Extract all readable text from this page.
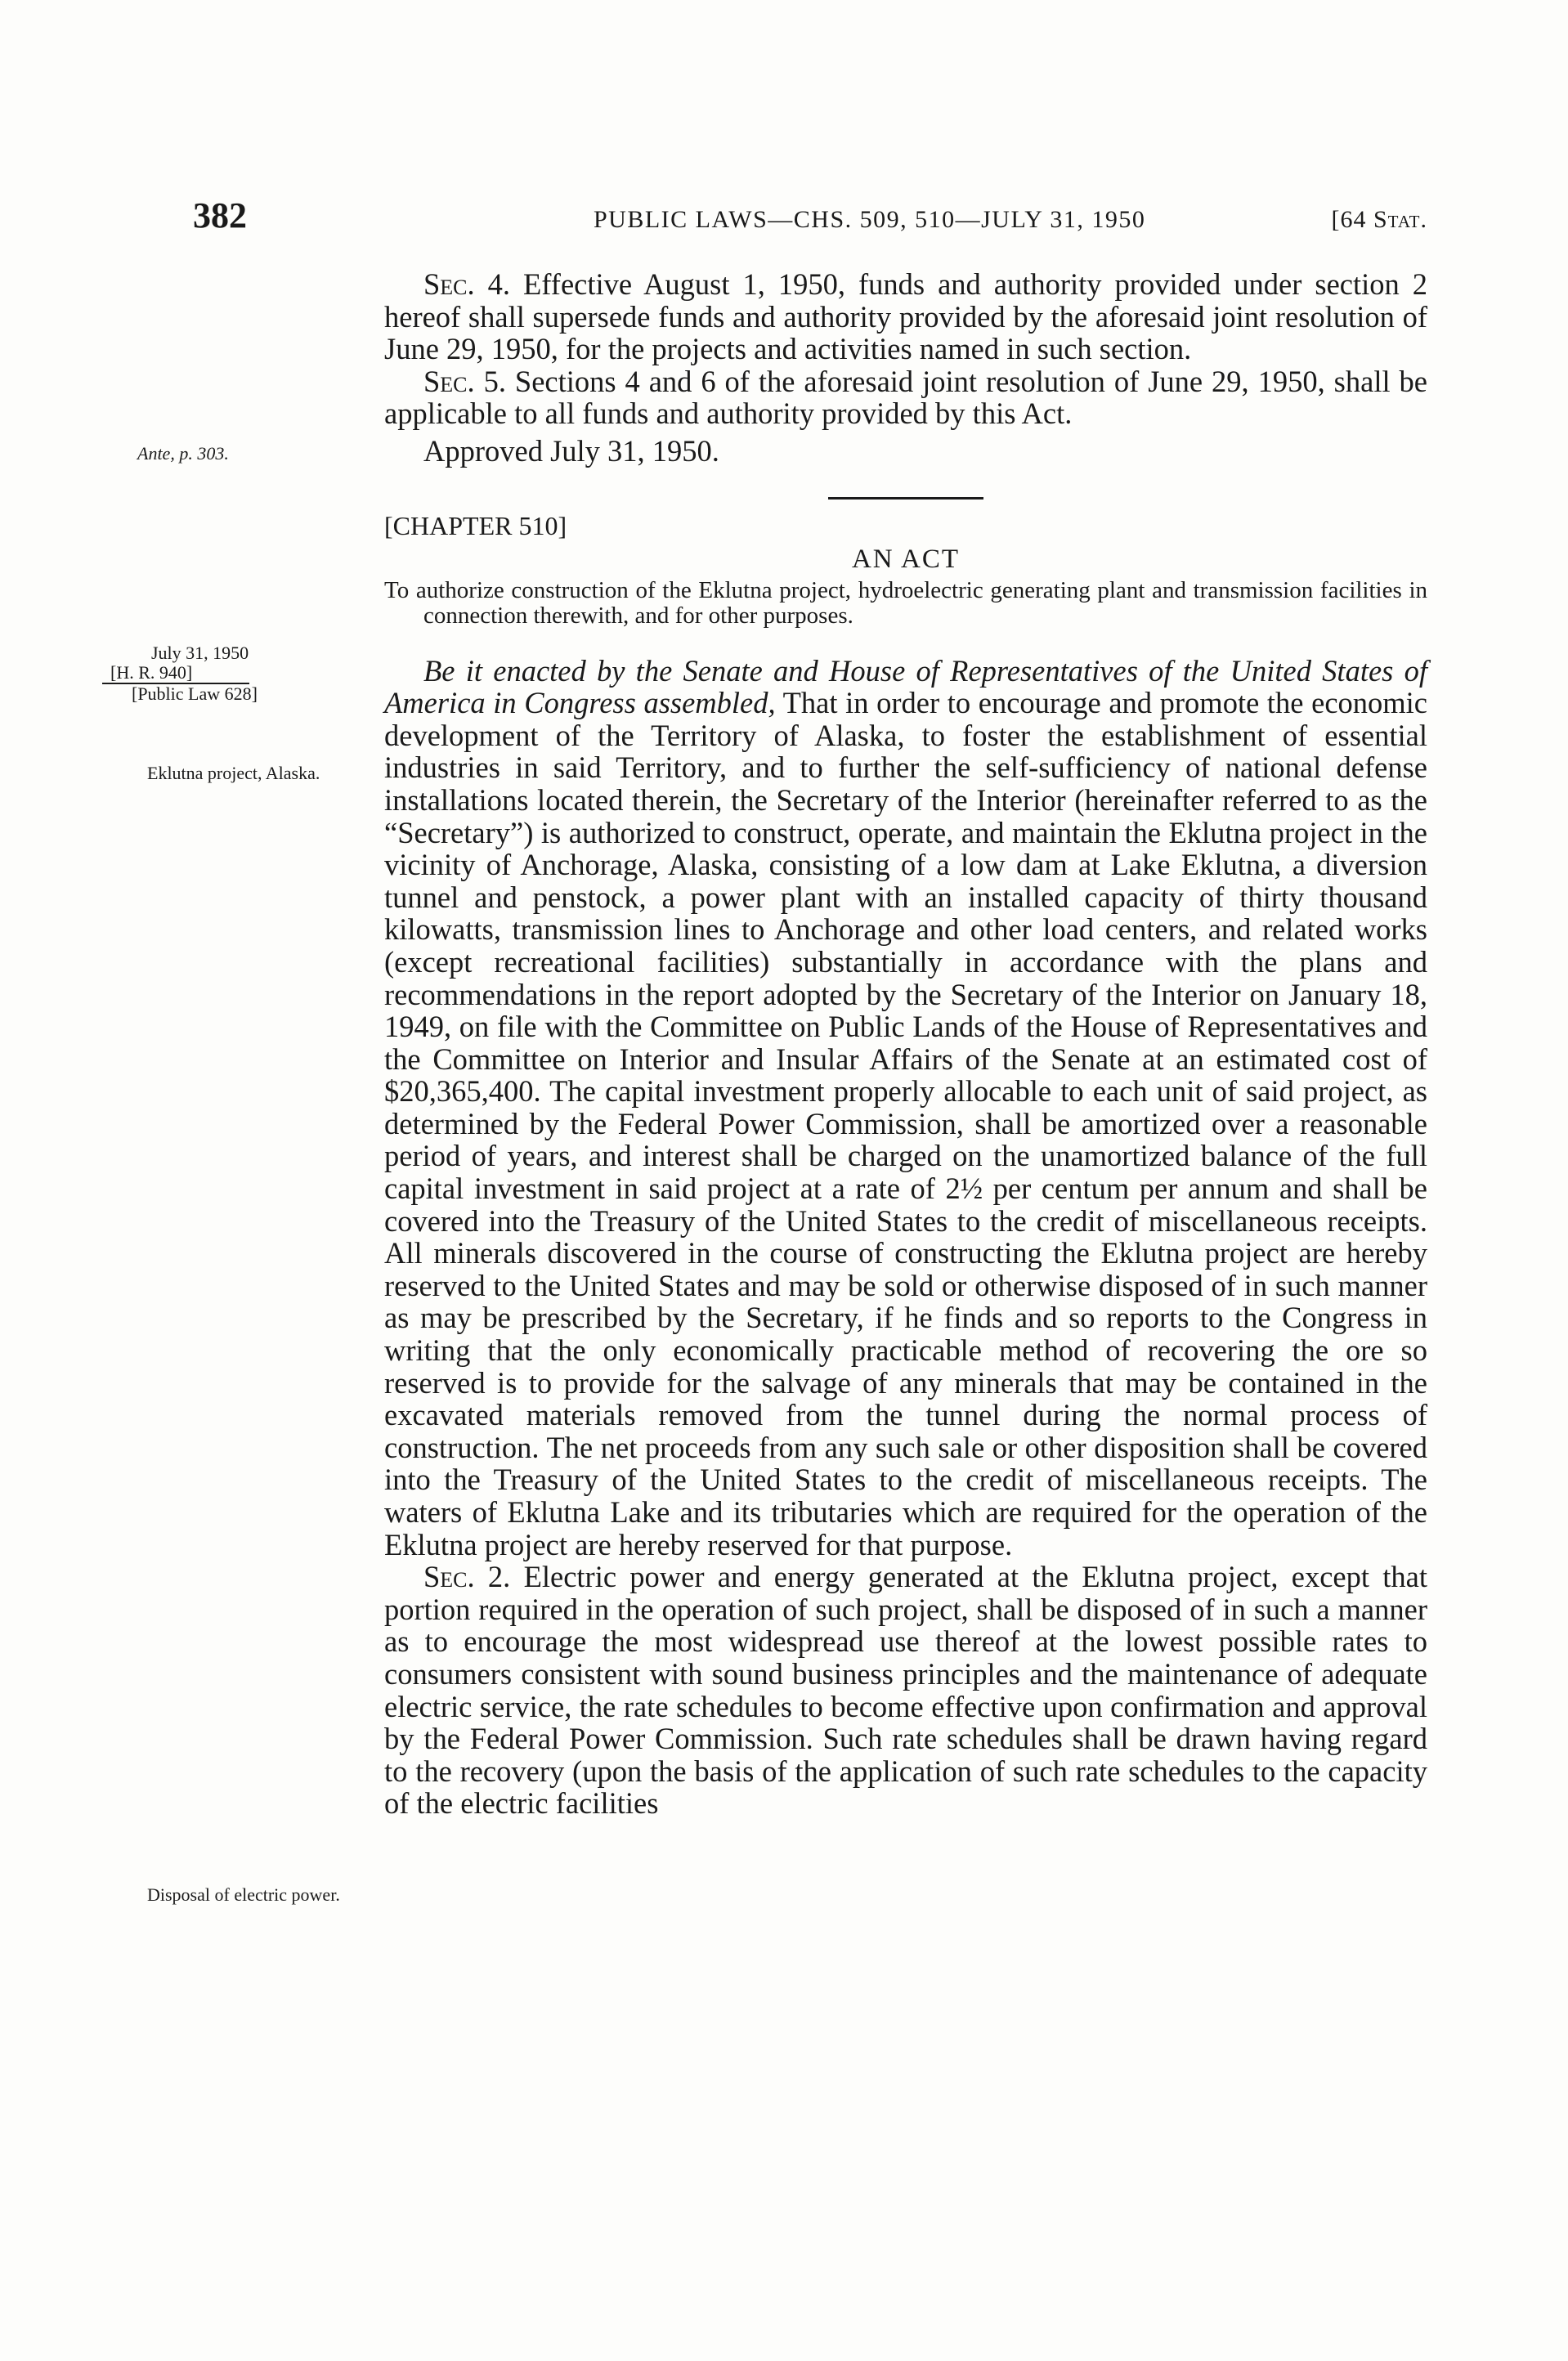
382	PUBLIC LAWS—CHS. 509, 510—JULY 31, 1950	[64 Stat.
Ante, p. 303.
July 31, 1950
[H. R. 940]
[Public Law 628]
Eklutna project, Alaska.
Disposal of electric power.

Sec. 4. Effective August 1, 1950, funds and authority provided under section 2 hereof shall supersede funds and authority provided by the aforesaid joint resolution of June 29, 1950, for the projects and activities named in such section.

Sec. 5. Sections 4 and 6 of the aforesaid joint resolution of June 29, 1950, shall be applicable to all funds and authority provided by this Act.

Approved July 31, 1950.

[CHAPTER 510]
AN ACT

To authorize construction of the Eklutna project, hydroelectric generating plant and transmission facilities in connection therewith, and for other purposes.

Be it enacted by the Senate and House of Representatives of the United States of America in Congress assembled, That in order to encourage and promote the economic development of the Territory of Alaska, to foster the establishment of essential industries in said Territory, and to further the self-sufficiency of national defense installations located therein, the Secretary of the Interior (hereinafter referred to as the “Secretary”) is authorized to construct, operate, and maintain the Eklutna project in the vicinity of Anchorage, Alaska, consisting of a low dam at Lake Eklutna, a diversion tunnel and penstock, a power plant with an installed capacity of thirty thousand kilowatts, transmission lines to Anchorage and other load centers, and related works (except recreational facilities) substantially in accordance with the plans and recommendations in the report adopted by the Secretary of the Interior on January 18, 1949, on file with the Committee on Public Lands of the House of Representatives and the Committee on Interior and Insular Affairs of the Senate at an estimated cost of $20,365,400. The capital investment properly allocable to each unit of said project, as determined by the Federal Power Commission, shall be amortized over a reasonable period of years, and interest shall be charged on the unamortized balance of the full capital investment in said project at a rate of 2½ per centum per annum and shall be covered into the Treasury of the United States to the credit of miscellaneous receipts. All minerals discovered in the course of constructing the Eklutna project are hereby reserved to the United States and may be sold or otherwise disposed of in such manner as may be prescribed by the Secretary, if he finds and so reports to the Congress in writing that the only economically practicable method of recovering the ore so reserved is to provide for the salvage of any minerals that may be contained in the excavated materials removed from the tunnel during the normal process of construction. The net proceeds from any such sale or other disposition shall be covered into the Treasury of the United States to the credit of miscellaneous receipts. The waters of Eklutna Lake and its tributaries which are required for the operation of the Eklutna project are hereby reserved for that purpose.

Sec. 2. Electric power and energy generated at the Eklutna project, except that portion required in the operation of such project, shall be disposed of in such a manner as to encourage the most widespread use thereof at the lowest possible rates to consumers consistent with sound business principles and the maintenance of adequate electric service, the rate schedules to become effective upon confirmation and approval by the Federal Power Commission. Such rate schedules shall be drawn having regard to the recovery (upon the basis of the application of such rate schedules to the capacity of the electric facilities
